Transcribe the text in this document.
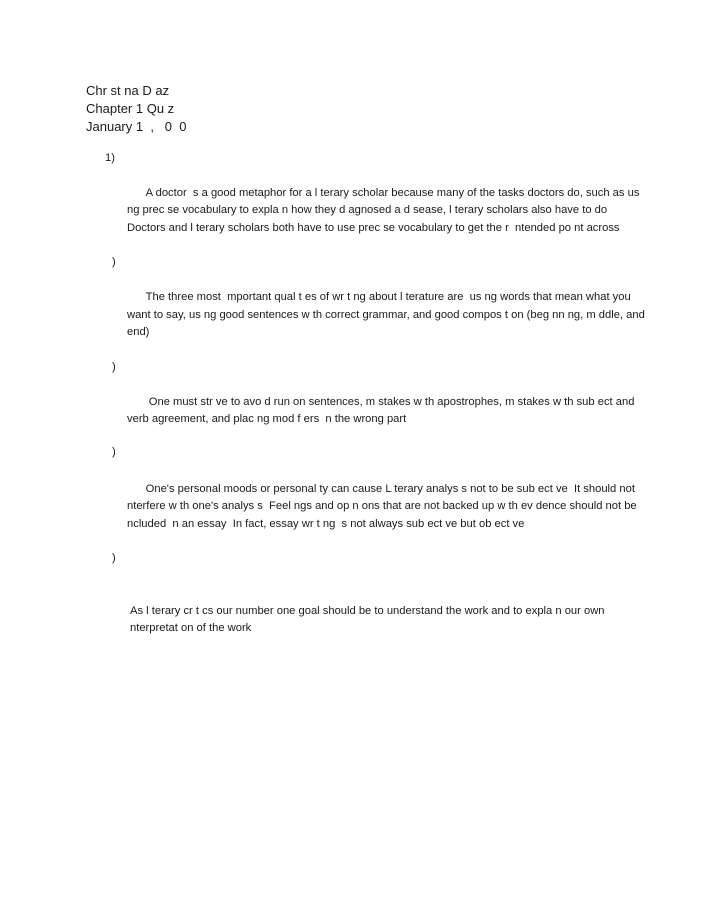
Chr st na D az
Chapter 1 Qu z
January 1  ,   0  0

1)

A doctor  s a good metaphor for a l terary scholar because many of the tasks doctors do, such as us ng prec se vocabulary to expla n how they d agnosed a d sease, l terary scholars also have to do  Doctors and l terary scholars both have to use prec se vocabulary to get the r  ntended po nt across

)

The three most  mportant qual t es of wr t ng about l terature are  us ng words that mean what you want to say, us ng good sentences w th correct grammar, and good compos t on (beg nn ng, m ddle, and end)

)

One must str ve to avo d run on sentences, m stakes w th apostrophes, m stakes w th sub ect and verb agreement, and plac ng mod f ers  n the wrong part

)

One's personal moods or personal ty can cause L terary analys s not to be sub ect ve  It should not  nterfere w th one's analys s  Feel ngs and op n ons that are not backed up w th ev dence should not be  ncluded  n an essay  In fact, essay wr t ng  s not always sub ect ve but ob ect ve

)

As l terary cr t cs our number one goal should be to understand the work and to expla n our own  nterpretat on of the work
